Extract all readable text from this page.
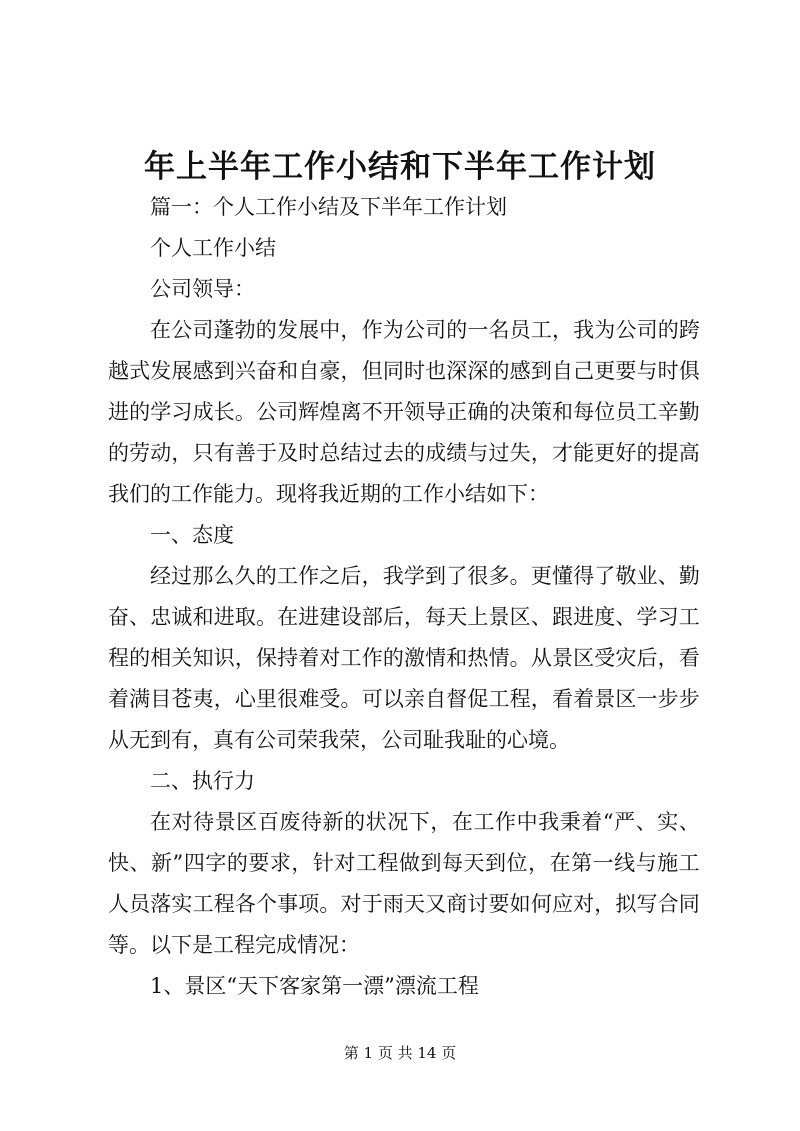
年上半年工作小结和下半年工作计划

篇一：个人工作小结及下半年工作计划

个人工作小结

公司领导：

在 公 司 蓬 勃 的 发 展 中 ， 作 为 公 司 的 一 名 员 工 ， 我 为 公 司 的 跨

越 式 发 展 感 到 兴 奋 和 自 豪 ， 但 同 时 也 深 深 的 感 到 自 己 更 要 与 时 俱

进 的 学 习 成 长 。 公 司 辉 煌 离 不 开 领 导 正 确 的 决 策 和 每 位 员 工 辛 勤

的 劳 动 ， 只 有 善 于 及 时 总 结 过 去 的 成 绩 与 过 失 ， 才 能 更 好 的 提 高

我们的工作能力。现将我近期的工作小结如下：

一、态度

经 过 那 么 久 的 工 作 之 后 ， 我 学 到 了 很 多 。 更 懂 得 了 敬 业 、 勤

奋 、 忠 诚 和 进 取 。 在 进 建 设 部 后 ， 每 天 上 景 区 、 跟 进 度 、 学 习 工

程 的 相 关 知 识 ， 保 持 着 对 工 作 的 激 情 和 热 情 。 从 景 区 受 灾 后 ， 看

着 满 目 苍 夷 ， 心 里 很 难 受 。 可 以 亲 自 督 促 工 程 ， 看 着 景 区 一 步 步

从无到有，真有公司荣我荣，公司耻我耻的心境。

二、执行力

在 对 待 景 区 百 废 待 新 的 状 况 下 ， 在 工 作 中 我 秉 着 “ 严 、 实 、

快 、 新 ” 四 字 的 要 求 ， 针 对 工 程 做 到 每 天 到 位 ， 在 第 一 线 与 施 工

人 员 落 实 工 程 各 个 事 项 。 对 于 雨 天 又 商 讨 要 如 何 应 对 ， 拟 写 合 同

等。以下是工程完成情况：

1、景区“天下客家第一漂”漂流工程

第 1 页 共 14 页
